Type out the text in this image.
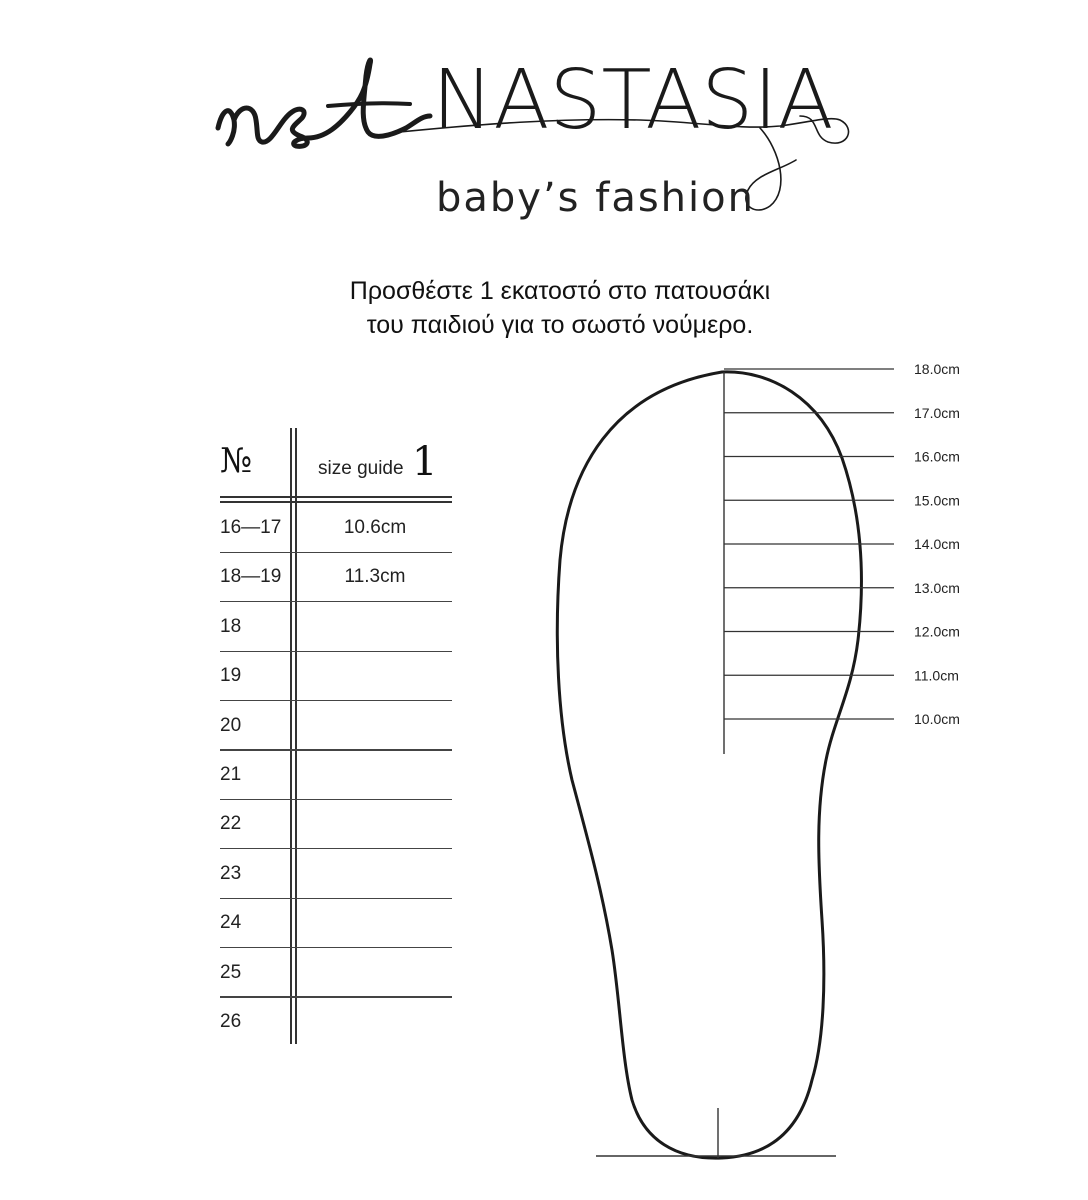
NASTASIA
baby’s fashion
Προσθέστε 1 εκατοστό στο πατουσάκι
του παιδιού για το σωστό νούμερο.
№	size guide 1
16—17	10.6cm
18—19	11.3cm
18
19
20
21
22
23
24
25
26
18.0cm
17.0cm
16.0cm
15.0cm
14.0cm
13.0cm
12.0cm
11.0cm
10.0cm
